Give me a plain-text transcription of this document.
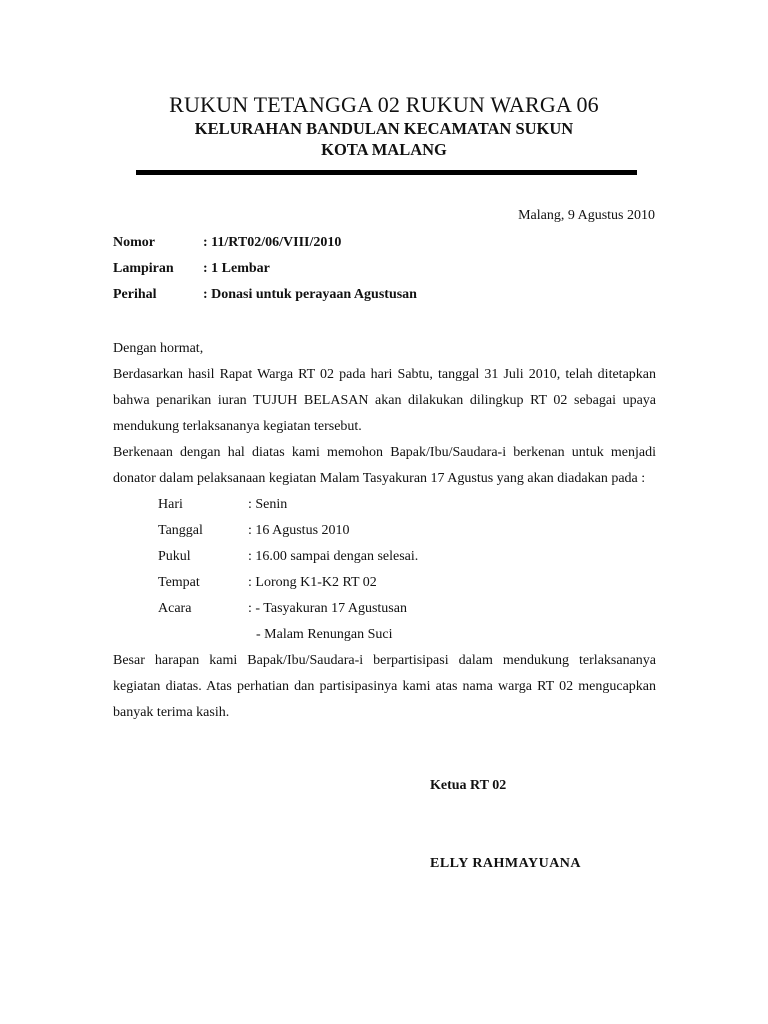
RUKUN TETANGGA 02 RUKUN WARGA 06
KELURAHAN BANDULAN KECAMATAN SUKUN
KOTA MALANG
Malang, 9 Agustus 2010
Nomor	: 11/RT02/06/VIII/2010
Lampiran	: 1 Lembar
Perihal	: Donasi untuk perayaan Agustusan

Dengan hormat,

Berdasarkan hasil Rapat Warga RT 02 pada hari Sabtu, tanggal 31 Juli 2010, telah ditetapkan bahwa penarikan iuran TUJUH BELASAN akan dilakukan dilingkup RT 02 sebagai upaya mendukung terlaksananya kegiatan tersebut.

Berkenaan dengan hal diatas kami memohon Bapak/Ibu/Saudara-i berkenan untuk menjadi donator dalam pelaksanaan kegiatan Malam Tasyakuran 17 Agustus yang akan diadakan pada :

Hari	: Senin
Tanggal	: 16 Agustus 2010
Pukul	: 16.00 sampai dengan selesai.
Tempat	: Lorong K1-K2 RT 02
Acara	: - Tasyakuran 17 Agustusan
- Malam Renungan Suci

Besar harapan kami Bapak/Ibu/Saudara-i berpartisipasi dalam mendukung terlaksananya kegiatan diatas. Atas perhatian dan partisipasinya kami atas nama warga RT 02 mengucapkan banyak terima kasih.

Ketua RT 02
ELLY RAHMAYUANA
